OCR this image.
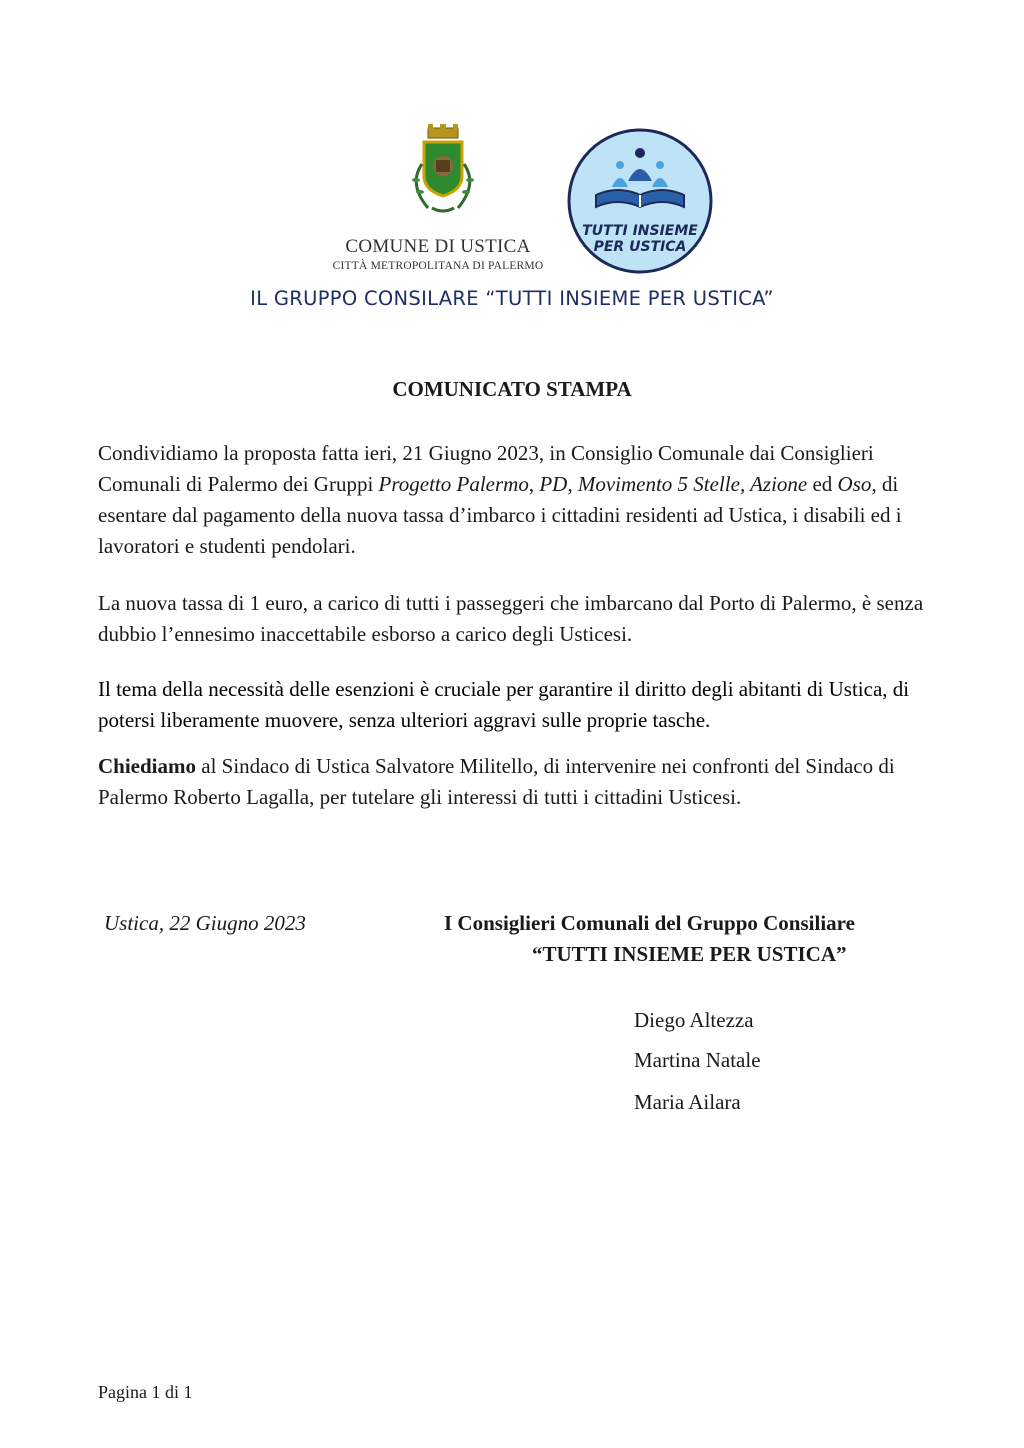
COMUNE DI USTICA
CITTÀ METROPOLITANA DI PALERMO
TUTTI INSIEME
PER USTICA
IL GRUPPO CONSILARE “TUTTI INSIEME PER USTICA”
COMUNICATO STAMPA

Condividiamo la proposta fatta ieri, 21 Giugno 2023, in Consiglio Comunale dai Consiglieri Comunali di Palermo dei Gruppi Progetto Palermo, PD, Movimento 5 Stelle, Azione ed Oso, di esentare dal pagamento della nuova tassa d’imbarco i cittadini residenti ad Ustica, i disabili ed i lavoratori e studenti pendolari.

La nuova tassa di 1 euro, a carico di tutti i passeggeri che imbarcano dal Porto di Palermo, è senza dubbio l’ennesimo inaccettabile esborso a carico degli Usticesi.

Il tema della necessità delle esenzioni è cruciale per garantire il diritto degli abitanti di Ustica, di potersi liberamente muovere, senza ulteriori aggravi sulle proprie tasche.

Chiediamo al Sindaco di Ustica Salvatore Militello, di intervenire nei confronti del Sindaco di Palermo Roberto Lagalla, per tutelare gli interessi di tutti i cittadini Usticesi.

Ustica, 22 Giugno 2023	I Consiglieri Comunali del Gruppo Consiliare
“TUTTI INSIEME PER USTICA”
Diego Altezza
Martina Natale
Maria Ailara
Pagina 1 di 1
